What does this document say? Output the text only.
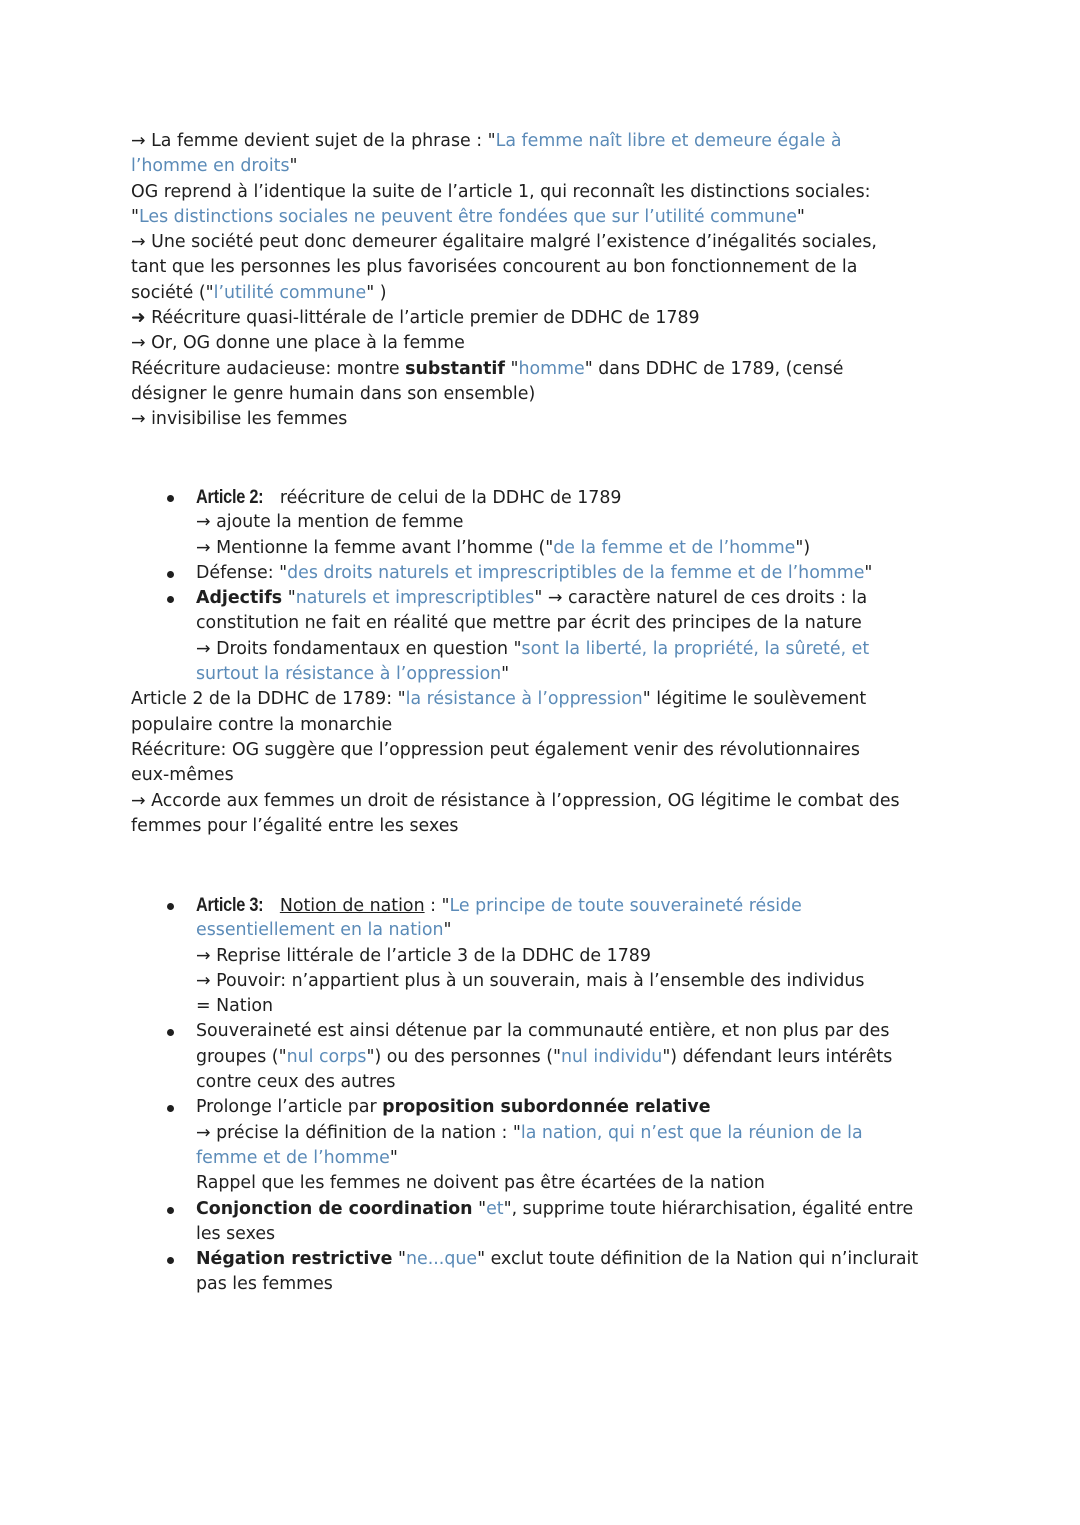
→ La femme devient sujet de la phrase : "La femme naît libre et demeure égale à
l’homme en droits"
OG reprend à l’identique la suite de l’article 1, qui reconnaît les distinctions sociales:
"Les distinctions sociales ne peuvent être fondées que sur l’utilité commune"
→ Une société peut donc demeurer égalitaire malgré l’existence d’inégalités sociales,
tant que les personnes les plus favorisées concourent au bon fonctionnement de la
société ("l’utilité commune" )
➜ Réécriture quasi-littérale de l’article premier de DDHC de 1789
→ Or, OG donne une place à la femme
Réécriture audacieuse: montre substantif "homme" dans DDHC de 1789, (censé
désigner le genre humain dans son ensemble)
→ invisibilise les femmes
Article 2: réécriture de celui de la DDHC de 1789
→ ajoute la mention de femme
→ Mentionne la femme avant l’homme ("de la femme et de l’homme")
Défense: "des droits naturels et imprescriptibles de la femme et de l’homme"
Adjectifs "naturels et imprescriptibles" → caractère naturel de ces droits : la
constitution ne fait en réalité que mettre par écrit des principes de la nature
→ Droits fondamentaux en question "sont la liberté, la propriété, la sûreté, et
surtout la résistance à l’oppression"
Article 2 de la DDHC de 1789: "la résistance à l’oppression" légitime le soulèvement
populaire contre la monarchie
Réécriture: OG suggère que l’oppression peut également venir des révolutionnaires
eux-mêmes
→ Accorde aux femmes un droit de résistance à l’oppression, OG légitime le combat des
femmes pour l’égalité entre les sexes
Article 3: Notion de nation : "Le principe de toute souveraineté réside
essentiellement en la nation"
→ Reprise littérale de l’article 3 de la DDHC de 1789
→ Pouvoir: n’appartient plus à un souverain, mais à l’ensemble des individus
= Nation
Souveraineté est ainsi détenue par la communauté entière, et non plus par des
groupes ("nul corps") ou des personnes ("nul individu") défendant leurs intérêts
contre ceux des autres
Prolonge l’article par proposition subordonnée relative
→ précise la définition de la nation : "la nation, qui n’est que la réunion de la
femme et de l’homme"
Rappel que les femmes ne doivent pas être écartées de la nation
Conjonction de coordination "et", supprime toute hiérarchisation, égalité entre
les sexes
Négation restrictive "ne...que" exclut toute définition de la Nation qui n’inclurait
pas les femmes
